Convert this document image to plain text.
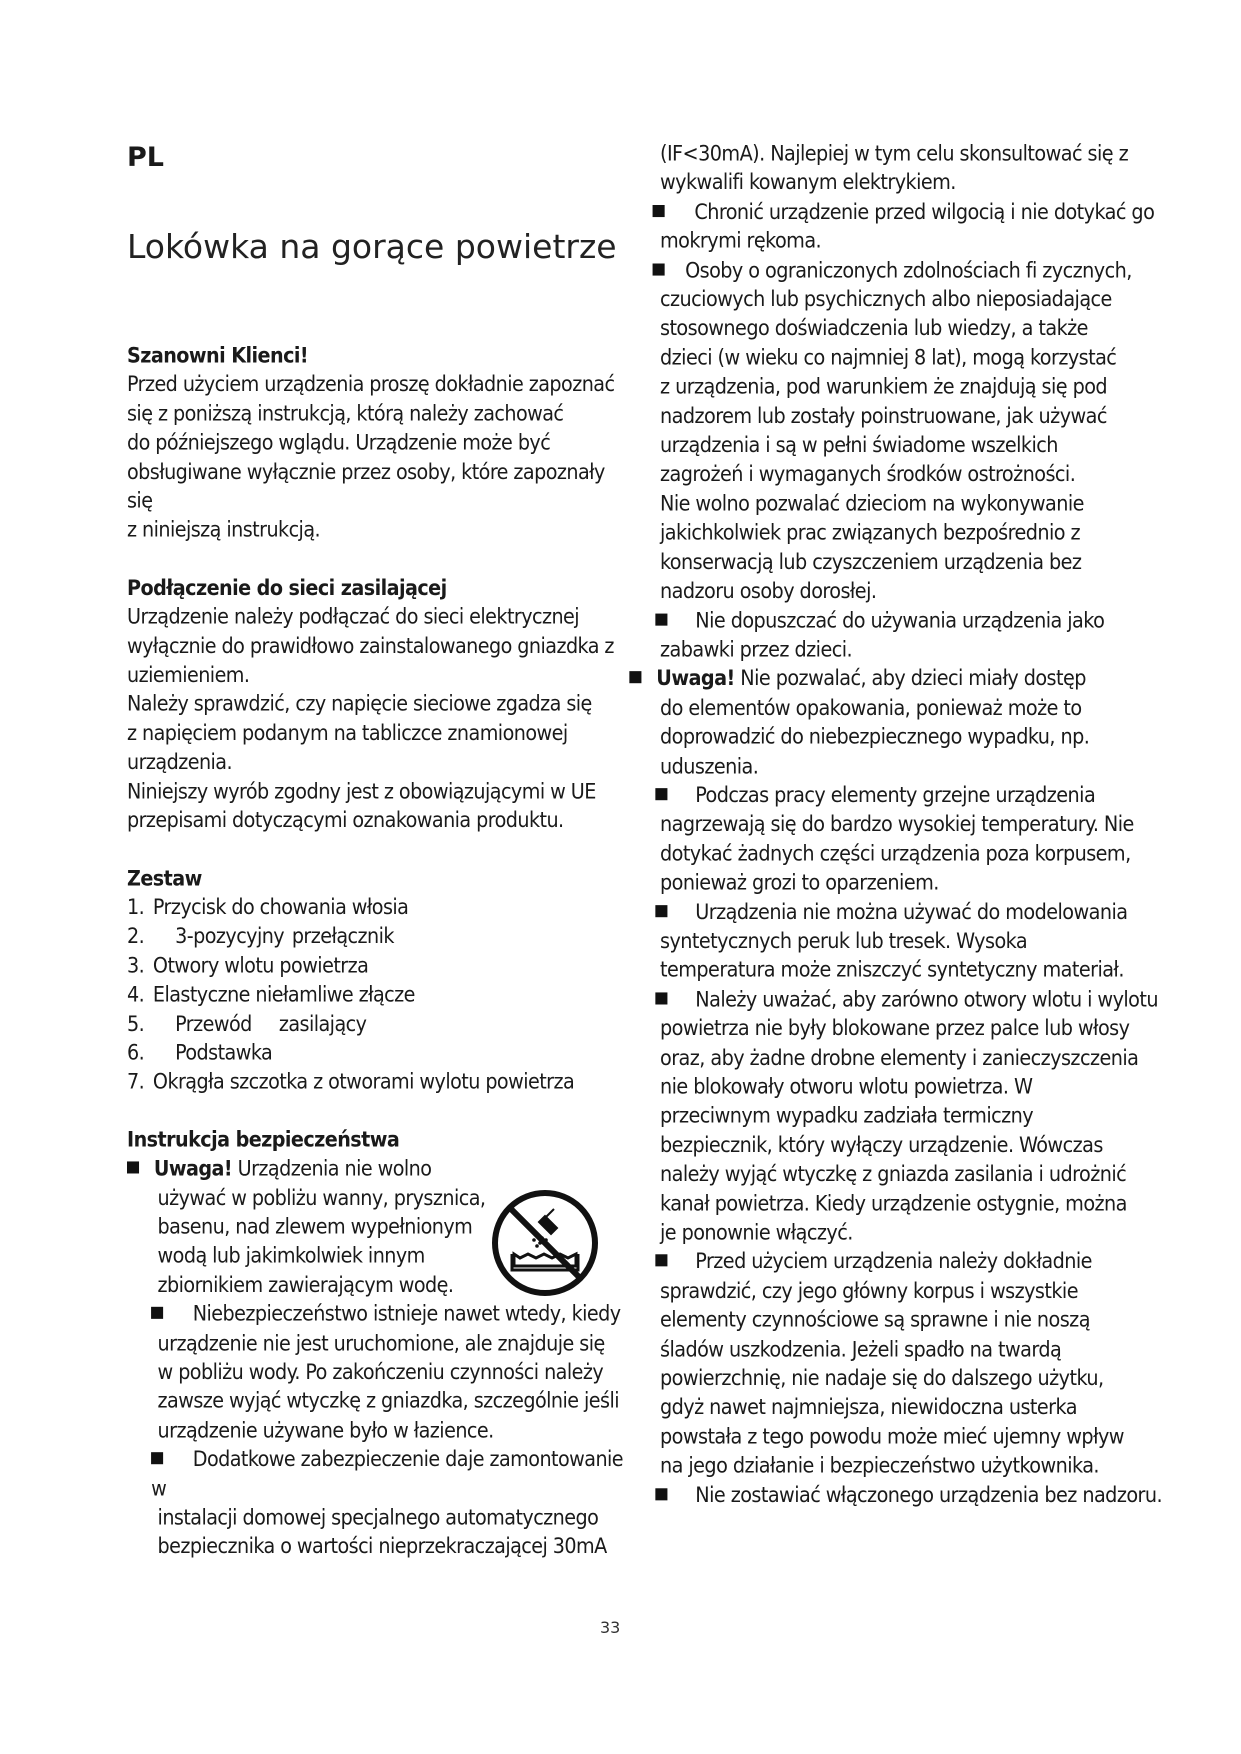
PL
Lokówka na gorące powietrze
Szanowni Klienci!

Przed użyciem urządzenia proszę dokładnie zapoznać

się z poniższą instrukcją, którą należy zachować

do późniejszego wglądu. Urządzenie może być

obsługiwane wyłącznie przez osoby, które zapoznały się

z niniejszą instrukcją.

Podłączenie do sieci zasilającej

Urządzenie należy podłączać do sieci elektrycznej

wyłącznie do prawidłowo zainstalowanego gniazdka z

uziemieniem.

Należy sprawdzić, czy napięcie sieciowe zgadza się

z napięciem podanym na tabliczce znamionowej

urządzenia.

Niniejszy wyrób zgodny jest z obowiązującymi w UE

przepisami dotyczącymi oznakowania produktu.

Zestaw
1. Przycisk do chowania włosia
2.	3-pozycyjny przełącznik
3. Otwory wlotu powietrza
4. Elastyczne niełamliwe złącze
5.	Przewód	zasilający
6.	Podstawka
7. Okrągła szczotka z otworami wylotu powietrza
Instrukcja bezpieczeństwa

Uwaga! Urządzenia nie wolno

używać w pobliżu wanny, prysznica,

basenu, nad zlewem wypełnionym

wodą lub jakimkolwiek innym

zbiornikiem zawierającym wodę.

Niebezpieczeństwo istnieje nawet wtedy, kiedy

urządzenie nie jest uruchomione, ale znajduje się

w pobliżu wody. Po zakończeniu czynności należy

zawsze wyjąć wtyczkę z gniazdka, szczególnie jeśli

urządzenie używane było w łazience.

Dodatkowe zabezpieczenie daje zamontowanie w

instalacji domowej specjalnego automatycznego

bezpiecznika o wartości nieprzekraczającej 30mA

(IF<30mA). Najlepiej w tym celu skonsultować się z

wykwalifi kowanym elektrykiem.

Chronić urządzenie przed wilgocią i nie dotykać go

mokrymi rękoma.

Osoby o ograniczonych zdolnościach fi zycznych,

czuciowych lub psychicznych albo nieposiadające

stosownego doświadczenia lub wiedzy, a także

dzieci (w wieku co najmniej 8 lat), mogą korzystać

z urządzenia, pod warunkiem że znajdują się pod

nadzorem lub zostały poinstruowane, jak używać

urządzenia i są w pełni świadome wszelkich

zagrożeń i wymaganych środków ostrożności.

Nie wolno pozwalać dzieciom na wykonywanie

jakichkolwiek prac związanych bezpośrednio z

konserwacją lub czyszczeniem urządzenia bez

nadzoru osoby dorosłej.

Nie dopuszczać do używania urządzenia jako

zabawki przez dzieci.

Uwaga! Nie pozwalać, aby dzieci miały dostęp

do elementów opakowania, ponieważ może to

doprowadzić do niebezpiecznego wypadku, np.

uduszenia.

Podczas pracy elementy grzejne urządzenia

nagrzewają się do bardzo wysokiej temperatury. Nie

dotykać żadnych części urządzenia poza korpusem,

ponieważ grozi to oparzeniem.

Urządzenia nie można używać do modelowania

syntetycznych peruk lub tresek. Wysoka

temperatura może zniszczyć syntetyczny materiał.

Należy uważać, aby zarówno otwory wlotu i wylotu

powietrza nie były blokowane przez palce lub włosy

oraz, aby żadne drobne elementy i zanieczyszczenia

nie blokowały otworu wlotu powietrza. W

przeciwnym wypadku zadziała termiczny

bezpiecznik, który wyłączy urządzenie. Wówczas

należy wyjąć wtyczkę z gniazda zasilania i udrożnić

kanał powietrza. Kiedy urządzenie ostygnie, można

je ponownie włączyć.

Przed użyciem urządzenia należy dokładnie

sprawdzić, czy jego główny korpus i wszystkie

elementy czynnościowe są sprawne i nie noszą

śladów uszkodzenia. Jeżeli spadło na twardą

powierzchnię, nie nadaje się do dalszego użytku,

gdyż nawet najmniejsza, niewidoczna usterka

powstała z tego powodu może mieć ujemny wpływ

na jego działanie i bezpieczeństwo użytkownika.

Nie zostawiać włączonego urządzenia bez nadzoru.

33
